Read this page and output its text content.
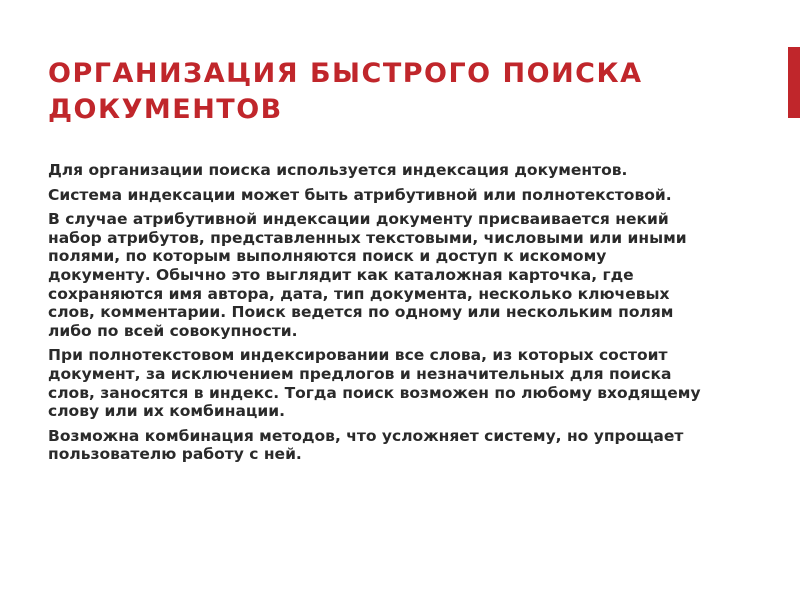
ОРГАНИЗАЦИЯ БЫСТРОГО ПОИСКА ДОКУМЕНТОВ
Для организации поиска используется индексация документов.
Система индексации может быть атрибутивной или полнотекстовой.
В случае атрибутивной индексации документу присваивается некий набор атрибутов, представленных текстовыми, числовыми или иными полями, по которым выполняются поиск и доступ к искомому документу. Обычно это выглядит как каталожная карточка, где сохраняются имя автора, дата, тип документа, несколько ключевых слов, комментарии. Поиск ведется по одному или нескольким полям либо по всей совокупности.
При полнотекстовом индексировании все слова, из которых состоит документ, за исключением предлогов и незначительных для поиска слов, заносятся в индекс. Тогда поиск возможен по любому входящему слову или их комбинации.
Возможна комбинация методов, что усложняет систему, но упрощает пользователю работу с ней.
